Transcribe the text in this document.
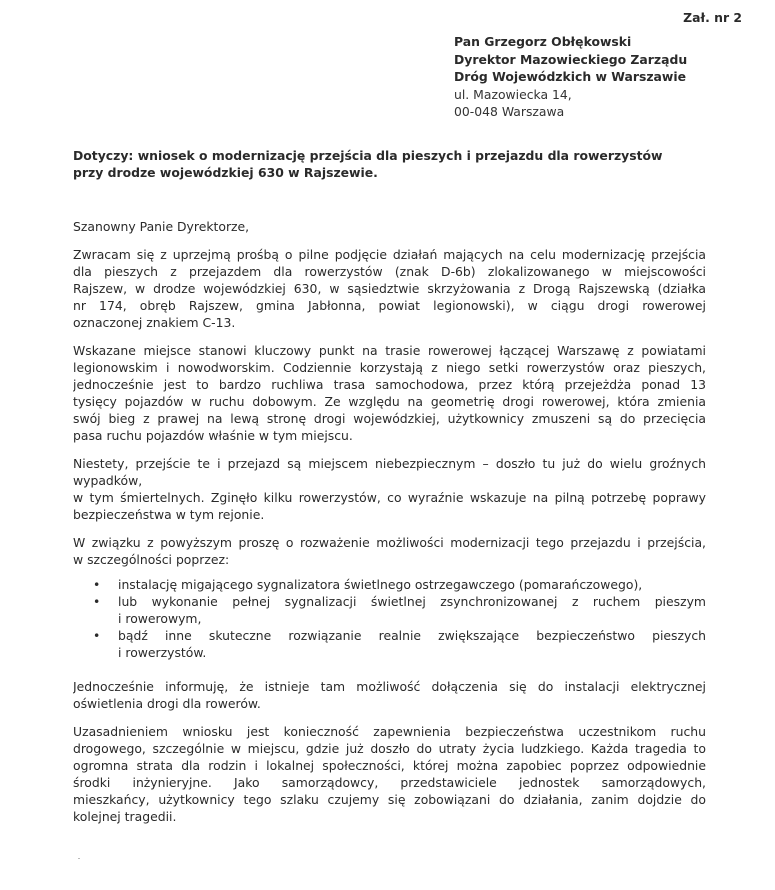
Zał. nr 2
Pan Grzegorz Obłękowski
Dyrektor Mazowieckiego Zarządu
Dróg Wojewódzkich w Warszawie
ul. Mazowiecka 14,
00-048 Warszawa
Dotyczy: wniosek o modernizację przejścia dla pieszych i przejazdu dla rowerzystów
przy drodze wojewódzkiej 630 w Rajszewie.
Szanowny Panie Dyrektorze,
Zwracam się z uprzejmą prośbą o pilne podjęcie działań mających na celu modernizację przejścia
dla pieszych z przejazdem dla rowerzystów (znak D-6b) zlokalizowanego w miejscowości
Rajszew, w drodze wojewódzkiej 630, w sąsiedztwie skrzyżowania z Drogą Rajszewską (działka
nr 174, obręb Rajszew, gmina Jabłonna, powiat legionowski), w ciągu drogi rowerowej
oznaczonej znakiem C-13.
Wskazane miejsce stanowi kluczowy punkt na trasie rowerowej łączącej Warszawę z powiatami
legionowskim i nowodworskim. Codziennie korzystają z niego setki rowerzystów oraz pieszych,
jednocześnie jest to bardzo ruchliwa trasa samochodowa, przez którą przejeżdża ponad 13
tysięcy pojazdów w ruchu dobowym. Ze względu na geometrię drogi rowerowej, która zmienia
swój bieg z prawej na lewą stronę drogi wojewódzkiej, użytkownicy zmuszeni są do przecięcia
pasa ruchu pojazdów właśnie w tym miejscu.
Niestety, przejście te i przejazd są miejscem niebezpiecznym – doszło tu już do wielu groźnych
wypadków,
w tym śmiertelnych. Zginęło kilku rowerzystów, co wyraźnie wskazuje na pilną potrzebę poprawy
bezpieczeństwa w tym rejonie.
W związku z powyższym proszę o rozważenie możliwości modernizacji tego przejazdu i przejścia,
w szczególności poprzez:
• instalację migającego sygnalizatora świetlnego ostrzegawczego (pomarańczowego),
• lub wykonanie pełnej sygnalizacji świetlnej zsynchronizowanej z ruchem pieszym
i rowerowym,
• bądź inne skuteczne rozwiązanie realnie zwiększające bezpieczeństwo pieszych
i rowerzystów.
Jednocześnie informuję, że istnieje tam możliwość dołączenia się do instalacji elektrycznej
oświetlenia drogi dla rowerów.
Uzasadnieniem wniosku jest konieczność zapewnienia bezpieczeństwa uczestnikom ruchu
drogowego, szczególnie w miejscu, gdzie już doszło do utraty życia ludzkiego. Każda tragedia to
ogromna strata dla rodzin i lokalnej społeczności, której można zapobiec poprzez odpowiednie
środki inżynieryjne. Jako samorządowcy, przedstawiciele jednostek samorządowych,
mieszkańcy, użytkownicy tego szlaku czujemy się zobowiązani do działania, zanim dojdzie do
kolejnej tragedii.
